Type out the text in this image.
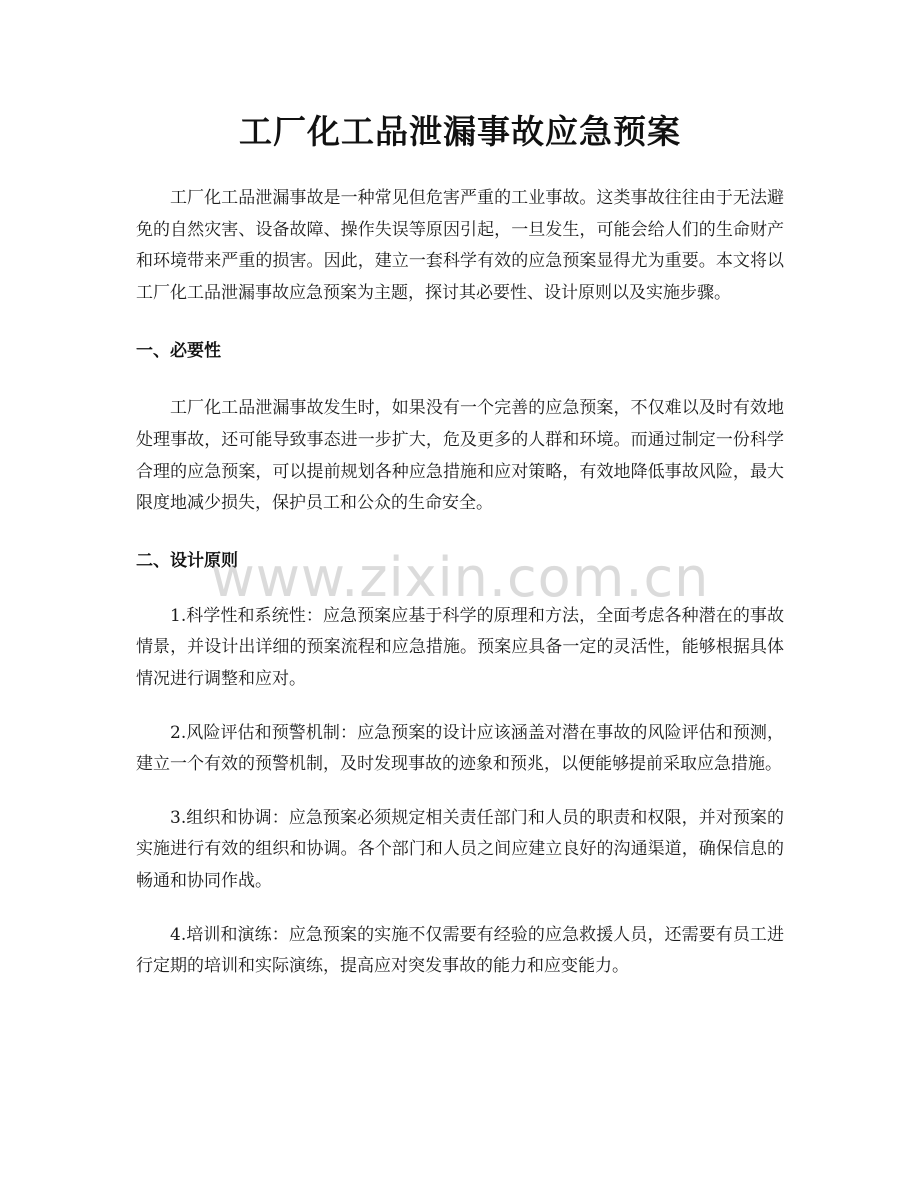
工厂化工品泄漏事故应急预案

工厂化工品泄漏事故是一种常见但危害严重的工业事故。这类事故往往由于无法避免的自然灾害、设备故障、操作失误等原因引起，一旦发生，可能会给人们的生命财产和环境带来严重的损害。因此，建立一套科学有效的应急预案显得尤为重要。本文将以工厂化工品泄漏事故应急预案为主题，探讨其必要性、设计原则以及实施步骤。

一、必要性

工厂化工品泄漏事故发生时，如果没有一个完善的应急预案，不仅难以及时有效地处理事故，还可能导致事态进一步扩大，危及更多的人群和环境。而通过制定一份科学合理的应急预案，可以提前规划各种应急措施和应对策略，有效地降低事故风险，最大限度地减少损失，保护员工和公众的生命安全。

二、设计原则

1.科学性和系统性：应急预案应基于科学的原理和方法，全面考虑各种潜在的事故情景，并设计出详细的预案流程和应急措施。预案应具备一定的灵活性，能够根据具体情况进行调整和应对。

2.风险评估和预警机制：应急预案的设计应该涵盖对潜在事故的风险评估和预测，建立一个有效的预警机制，及时发现事故的迹象和预兆，以便能够提前采取应急措施。

3.组织和协调：应急预案必须规定相关责任部门和人员的职责和权限，并对预案的实施进行有效的组织和协调。各个部门和人员之间应建立良好的沟通渠道，确保信息的畅通和协同作战。

4.培训和演练：应急预案的实施不仅需要有经验的应急救援人员，还需要有员工进行定期的培训和实际演练，提高应对突发事故的能力和应变能力。

www.zixin.com.cn
